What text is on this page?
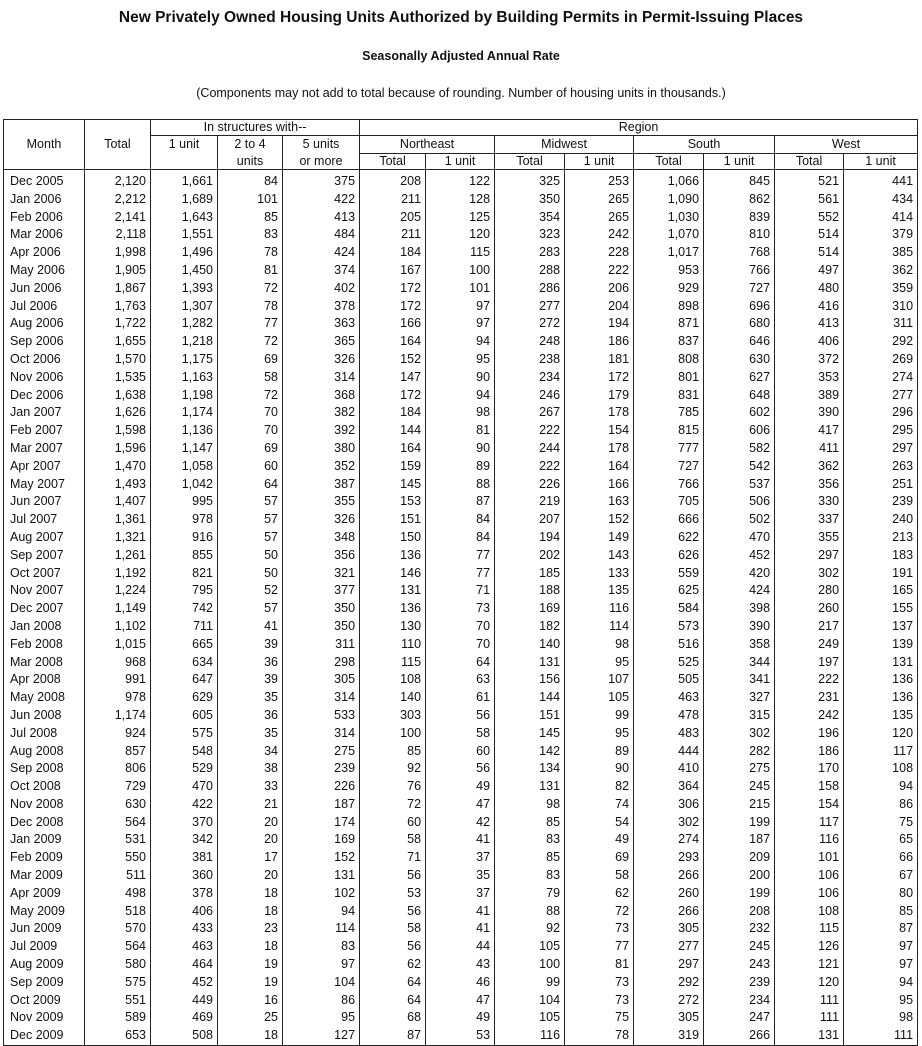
New Privately Owned Housing Units Authorized by Building Permits in Permit-Issuing Places
Seasonally Adjusted Annual Rate
(Components may not add to total because of rounding. Number of housing units in thousands.)
		In structures with--			Region							
Month	Total	1 unit	2 to 4	5 units	Northeast		Midwest		South		West	
			units	or more	Total	1 unit	Total	1 unit	Total	1 unit	Total	1 unit
Dec 2005	2,120	1,661	84	375	208	122	325	253	1,066	845	521	441
Jan 2006	2,212	1,689	101	422	211	128	350	265	1,090	862	561	434
Feb 2006	2,141	1,643	85	413	205	125	354	265	1,030	839	552	414
Mar 2006	2,118	1,551	83	484	211	120	323	242	1,070	810	514	379
Apr 2006	1,998	1,496	78	424	184	115	283	228	1,017	768	514	385
May 2006	1,905	1,450	81	374	167	100	288	222	953	766	497	362
Jun 2006	1,867	1,393	72	402	172	101	286	206	929	727	480	359
Jul 2006	1,763	1,307	78	378	172	97	277	204	898	696	416	310
Aug 2006	1,722	1,282	77	363	166	97	272	194	871	680	413	311
Sep 2006	1,655	1,218	72	365	164	94	248	186	837	646	406	292
Oct 2006	1,570	1,175	69	326	152	95	238	181	808	630	372	269
Nov 2006	1,535	1,163	58	314	147	90	234	172	801	627	353	274
Dec 2006	1,638	1,198	72	368	172	94	246	179	831	648	389	277
Jan 2007	1,626	1,174	70	382	184	98	267	178	785	602	390	296
Feb 2007	1,598	1,136	70	392	144	81	222	154	815	606	417	295
Mar 2007	1,596	1,147	69	380	164	90	244	178	777	582	411	297
Apr 2007	1,470	1,058	60	352	159	89	222	164	727	542	362	263
May 2007	1,493	1,042	64	387	145	88	226	166	766	537	356	251
Jun 2007	1,407	995	57	355	153	87	219	163	705	506	330	239
Jul 2007	1,361	978	57	326	151	84	207	152	666	502	337	240
Aug 2007	1,321	916	57	348	150	84	194	149	622	470	355	213
Sep 2007	1,261	855	50	356	136	77	202	143	626	452	297	183
Oct 2007	1,192	821	50	321	146	77	185	133	559	420	302	191
Nov 2007	1,224	795	52	377	131	71	188	135	625	424	280	165
Dec 2007	1,149	742	57	350	136	73	169	116	584	398	260	155
Jan 2008	1,102	711	41	350	130	70	182	114	573	390	217	137
Feb 2008	1,015	665	39	311	110	70	140	98	516	358	249	139
Mar 2008	968	634	36	298	115	64	131	95	525	344	197	131
Apr 2008	991	647	39	305	108	63	156	107	505	341	222	136
May 2008	978	629	35	314	140	61	144	105	463	327	231	136
Jun 2008	1,174	605	36	533	303	56	151	99	478	315	242	135
Jul 2008	924	575	35	314	100	58	145	95	483	302	196	120
Aug 2008	857	548	34	275	85	60	142	89	444	282	186	117
Sep 2008	806	529	38	239	92	56	134	90	410	275	170	108
Oct 2008	729	470	33	226	76	49	131	82	364	245	158	94
Nov 2008	630	422	21	187	72	47	98	74	306	215	154	86
Dec 2008	564	370	20	174	60	42	85	54	302	199	117	75
Jan 2009	531	342	20	169	58	41	83	49	274	187	116	65
Feb 2009	550	381	17	152	71	37	85	69	293	209	101	66
Mar 2009	511	360	20	131	56	35	83	58	266	200	106	67
Apr 2009	498	378	18	102	53	37	79	62	260	199	106	80
May 2009	518	406	18	94	56	41	88	72	266	208	108	85
Jun 2009	570	433	23	114	58	41	92	73	305	232	115	87
Jul 2009	564	463	18	83	56	44	105	77	277	245	126	97
Aug 2009	580	464	19	97	62	43	100	81	297	243	121	97
Sep 2009	575	452	19	104	64	46	99	73	292	239	120	94
Oct 2009	551	449	16	86	64	47	104	73	272	234	111	95
Nov 2009	589	469	25	95	68	49	105	75	305	247	111	98
Dec 2009	653	508	18	127	87	53	116	78	319	266	131	111
